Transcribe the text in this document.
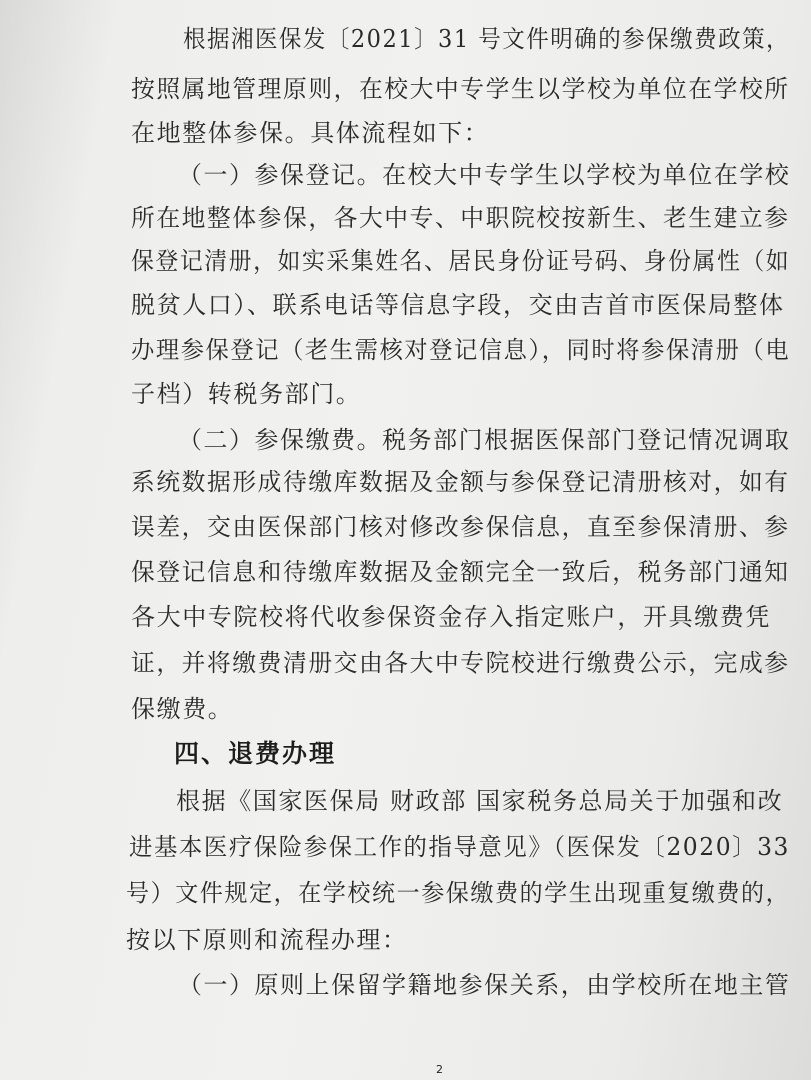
根据湘医保发〔2021〕31 号文件明确的参保缴费政策，
按照属地管理原则，在校大中专学生以学校为单位在学校所
在地整体参保。具体流程如下：
（一）参保登记。在校大中专学生以学校为单位在学校
所在地整体参保，各大中专、中职院校按新生、老生建立参
保登记清册，如实采集姓名、居民身份证号码、身份属性（如
脱贫人口）、联系电话等信息字段，交由吉首市医保局整体
办理参保登记（老生需核对登记信息），同时将参保清册（电
子档）转税务部门。
（二）参保缴费。税务部门根据医保部门登记情况调取
系统数据形成待缴库数据及金额与参保登记清册核对，如有
误差，交由医保部门核对修改参保信息，直至参保清册、参
保登记信息和待缴库数据及金额完全一致后，税务部门通知
各大中专院校将代收参保资金存入指定账户，开具缴费凭
证，并将缴费清册交由各大中专院校进行缴费公示，完成参
保缴费。
四、退费办理
根据《国家医保局 财政部 国家税务总局关于加强和改
进基本医疗保险参保工作的指导意见》（医保发〔2020〕33
号）文件规定，在学校统一参保缴费的学生出现重复缴费的，
按以下原则和流程办理：
（一）原则上保留学籍地参保关系，由学校所在地主管
2
